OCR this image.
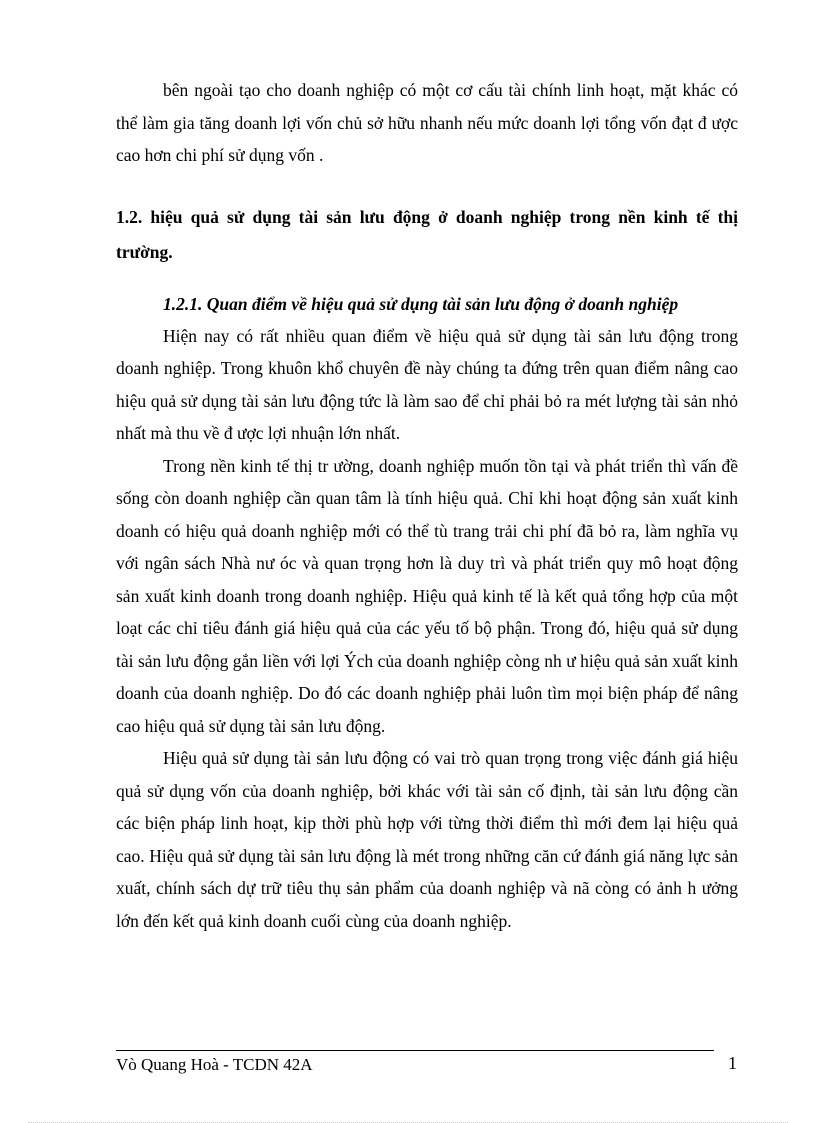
bên ngoài tạo cho doanh nghiệp có một cơ cấu tài chính linh hoạt, mặt khác có thể làm gia tăng doanh lợi vốn chủ sở hữu nhanh nếu mức doanh lợi tổng vốn đạt đ ược cao hơn chi phí sử dụng vốn .

1.2. hiệu quả sử dụng tài sản lưu động ở doanh nghiệp trong nền kinh tế thị trường.

1.2.1. Quan điểm về hiệu quả sử dụng tài sản lưu động ở doanh nghiệp

Hiện nay có rất nhiều quan điểm về hiệu quả sử dụng tài sản lưu động trong doanh nghiệp. Trong khuôn khổ chuyên đề này chúng ta đứng trên quan điểm nâng cao hiệu quả sử dụng tài sản lưu động tức là làm sao để chỉ phải bỏ ra mét lượng tài sản nhỏ nhất mà thu về đ ược lợi nhuận lớn nhất.

Trong nền kinh tế thị tr ường, doanh nghiệp muốn tồn tại và phát triển thì vấn đề sống còn doanh nghiệp cần quan tâm là tính hiệu quả. Chỉ khi hoạt động sản xuất kinh doanh có hiệu quả doanh nghiệp mới có thể tù trang trải chi phí đã bỏ ra, làm nghĩa vụ với ngân sách Nhà nư óc và quan trọng hơn là duy trì và phát triển quy mô hoạt động sản xuất kinh doanh trong doanh nghiệp. Hiệu quả kinh tế là kết quả tổng hợp của một loạt các chỉ tiêu đánh giá hiệu quả của các yếu tố bộ phận. Trong đó, hiệu quả sử dụng tài sản lưu động gắn liền với lợi Ých của doanh nghiệp còng nh ư hiệu quả sản xuất kinh doanh của doanh nghiệp. Do đó các doanh nghiệp phải luôn tìm mọi biện pháp để nâng cao hiệu quả sử dụng tài sản lưu động.

Hiệu quả sử dụng tài sản lưu động có vai trò quan trọng trong việc đánh giá hiệu quả sử dụng vốn của doanh nghiệp, bởi khác với tài sản cố định, tài sản lưu động cần các biện pháp linh hoạt, kịp thời phù hợp với từng thời điểm thì mới đem lại hiệu quả cao. Hiệu quả sử dụng tài sản lưu động là mét trong những căn cứ đánh giá năng lực sản xuất, chính sách dự trữ tiêu thụ sản phẩm của doanh nghiệp và nã còng có ảnh h ưởng lớn đến kết quả kinh doanh cuối cùng của doanh nghiệp.

Vò Quang Hoà - TCDN 42A	1
